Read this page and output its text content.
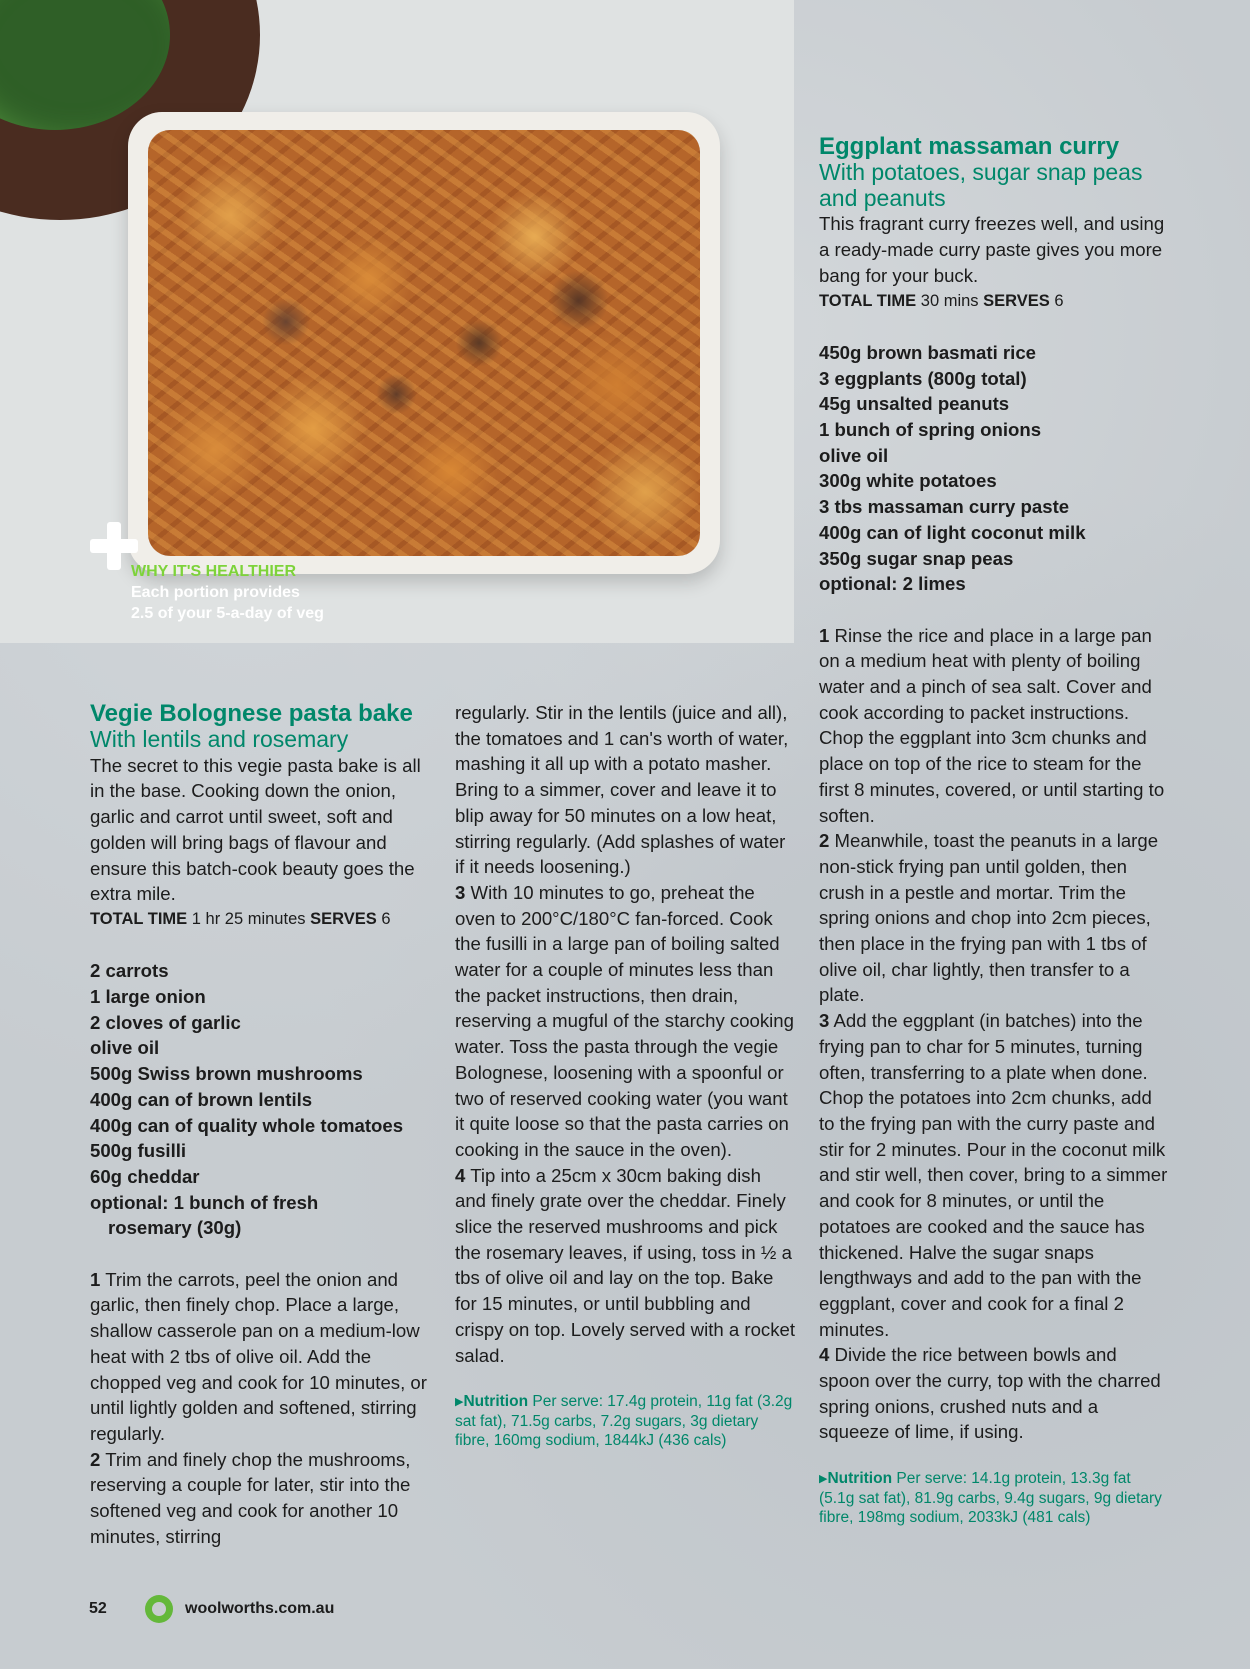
WHY IT'S HEALTHIER
Each portion provides
2.5 of your 5-a-day of veg

Vegie Bolognese pasta bake

With lentils and rosemary

The secret to this vegie pasta bake is all in the base. Cooking down the onion, garlic and carrot until sweet, soft and golden will bring bags of flavour and ensure this batch-cook beauty goes the extra mile.

TOTAL TIME 1 hr 25 minutes SERVES 6

2 carrots
1 large onion
2 cloves of garlic
olive oil
500g Swiss brown mushrooms
400g can of brown lentils
400g can of quality whole tomatoes
500g fusilli
60g cheddar
optional: 1 bunch of fresh
rosemary (30g)

1 Trim the carrots, peel the onion and garlic, then finely chop. Place a large, shallow casserole pan on a medium-low heat with 2 tbs of olive oil. Add the chopped veg and cook for 10 minutes, or until lightly golden and softened, stirring regularly.

2 Trim and finely chop the mushrooms, reserving a couple for later, stir into the softened veg and cook for another 10 minutes, stirring

regularly. Stir in the lentils (juice and all), the tomatoes and 1 can's worth of water, mashing it all up with a potato masher. Bring to a simmer, cover and leave it to blip away for 50 minutes on a low heat, stirring regularly. (Add splashes of water if it needs loosening.)

3 With 10 minutes to go, preheat the oven to 200°C/180°C fan-forced. Cook the fusilli in a large pan of boiling salted water for a couple of minutes less than the packet instructions, then drain, reserving a mugful of the starchy cooking water. Toss the pasta through the vegie Bolognese, loosening with a spoonful or two of reserved cooking water (you want it quite loose so that the pasta carries on cooking in the sauce in the oven).

4 Tip into a 25cm x 30cm baking dish and finely grate over the cheddar. Finely slice the reserved mushrooms and pick the rosemary leaves, if using, toss in ½ a tbs of olive oil and lay on the top. Bake for 15 minutes, or until bubbling and crispy on top. Lovely served with a rocket salad.

▶Nutrition Per serve: 17.4g protein, 11g fat (3.2g sat fat), 71.5g carbs, 7.2g sugars, 3g dietary fibre, 160mg sodium, 1844kJ (436 cals)

Eggplant massaman curry

With potatoes, sugar snap peas and peanuts

This fragrant curry freezes well, and using a ready-made curry paste gives you more bang for your buck.

TOTAL TIME 30 mins SERVES 6

450g brown basmati rice
3 eggplants (800g total)
45g unsalted peanuts
1 bunch of spring onions
olive oil
300g white potatoes
3 tbs massaman curry paste
400g can of light coconut milk
350g sugar snap peas
optional: 2 limes

1 Rinse the rice and place in a large pan on a medium heat with plenty of boiling water and a pinch of sea salt. Cover and cook according to packet instructions. Chop the eggplant into 3cm chunks and place on top of the rice to steam for the first 8 minutes, covered, or until starting to soften.

2 Meanwhile, toast the peanuts in a large non-stick frying pan until golden, then crush in a pestle and mortar. Trim the spring onions and chop into 2cm pieces, then place in the frying pan with 1 tbs of olive oil, char lightly, then transfer to a plate.

3 Add the eggplant (in batches) into the frying pan to char for 5 minutes, turning often, transferring to a plate when done. Chop the potatoes into 2cm chunks, add to the frying pan with the curry paste and stir for 2 minutes. Pour in the coconut milk and stir well, then cover, bring to a simmer and cook for 8 minutes, or until the potatoes are cooked and the sauce has thickened. Halve the sugar snaps lengthways and add to the pan with the eggplant, cover and cook for a final 2 minutes.

4 Divide the rice between bowls and spoon over the curry, top with the charred spring onions, crushed nuts and a squeeze of lime, if using.

▶Nutrition Per serve: 14.1g protein, 13.3g fat (5.1g sat fat), 81.9g carbs, 9.4g sugars, 9g dietary fibre, 198mg sodium, 2033kJ (481 cals)

52	woolworths.com.au
